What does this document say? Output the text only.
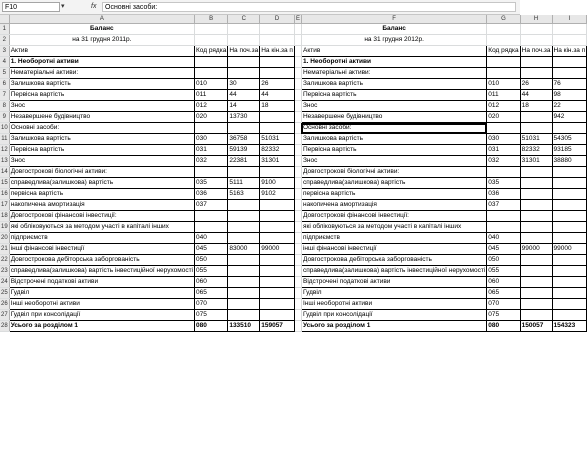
F10	▾	fx	Основні засоби:
	A	B	C	D	E	F	G	H	I
1	Баланс					Баланс			
2	на 31 грудня 2011р.					на 31 грудня 2012р.			
3	Актив	Код рядка	На поч.за	На кін.за п		Актив	Код рядка	На поч.за	На кін.за п
4	1. Необоротні активи					1. Необоротні активи			
5	Нематеріальні активи:					Нематеріальні активи:			
6	Залишкова вартість	010	30	26		Залишкова вартість	010	26	76
7	Первісна вартість	011	44	44		Первісна вартість	011	44	98
8	Знос	012	14	18		Знос	012	18	22
9	Незавершене будівництво	020	13730			Незавершене будівництво	020		942
10	Основні засоби:					Основні засоби:			
11	Залишкова вартість	030	36758	51031		Залишкова вартість	030	51031	54305
12	Первісна вартість	031	59139	82332		Первісна вартість	031	82332	93185
13	Знос	032	22381	31301		Знос	032	31301	38880
14	Довгострокові біологічні активи:					Довгострокові біологічні активи:			
15	справедлива(залишкова) вартість	035	5111	9100		справедлива(залишкова) вартість	035		
16	первісна вартість	036	5163	9102		первісна вартість	036		
17	накопичена амортизація	037				накопичена амортизація	037		
18	Довгострокові фінансові інвестиції:					Довгострокові фінансові інвестиції:			
19	які обліковуються за методом участі в капіталі інших					які обліковуються за методом участі в капіталі інших			
20	підприємств	040				підприємств	040		
21	інші фінансові інвестиції	045	83000	99000		інші фінансові інвестиції	045	99000	99000
22	Довгострокова дебіторська заборгованість	050				Довгострокова дебіторська заборгованість	050		
23	справедлива(залишкова) вартість інвестиційної нерухомості	055				справедлива(залишкова) вартість інвестиційної нерухомості	055		
24	Відстрочені податкові активи	060				Відстрочені податкові активи	060		
25	Гудвіл	065				Гудвіл	065		
26	Інші необоротні активи	070				Інші необоротні активи	070		
27	Гудвіл при консолідації	075				Гудвіл при консолідації	075		
28	Усього за розділом 1	080	133510	159057		Усього за розділом 1	080	150057	154323
